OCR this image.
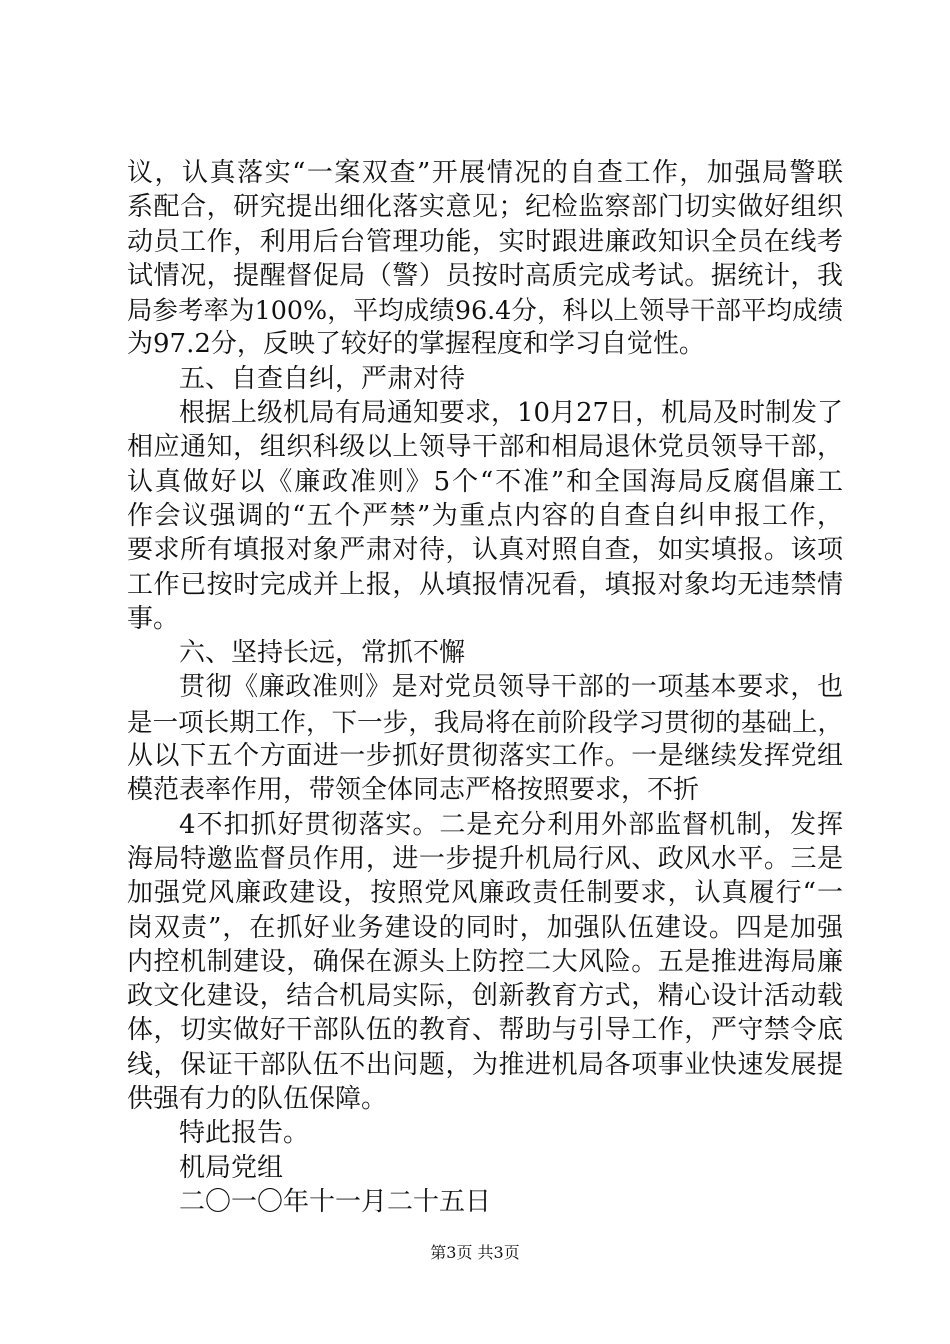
议，认真落实“一案双查”开展情况的自查工作，加强局警联
系配合，研究提出细化落实意见；纪检监察部门切实做好组织
动员工作，利用后台管理功能，实时跟进廉政知识全员在线考
试情况，提醒督促局（警）员按时高质完成考试。据统计，我
局参考率为100%，平均成绩96.4分，科以上领导干部平均成绩
为97.2分，反映了较好的掌握程度和学习自觉性。
五、自查自纠，严肃对待
根据上级机局有局通知要求，10月27日，机局及时制发了
相应通知，组织科级以上领导干部和相局退休党员领导干部，
认真做好以《廉政准则》5个“不准”和全国海局反腐倡廉工
作会议强调的“五个严禁”为重点内容的自查自纠申报工作，
要求所有填报对象严肃对待，认真对照自查，如实填报。该项
工作已按时完成并上报，从填报情况看，填报对象均无违禁情
事。
六、坚持长远，常抓不懈
贯彻《廉政准则》是对党员领导干部的一项基本要求，也
是一项长期工作，下一步，我局将在前阶段学习贯彻的基础上，
从以下五个方面进一步抓好贯彻落实工作。一是继续发挥党组
模范表率作用，带领全体同志严格按照要求，不折
4不扣抓好贯彻落实。二是充分利用外部监督机制，发挥
海局特邀监督员作用，进一步提升机局行风、政风水平。三是
加强党风廉政建设，按照党风廉政责任制要求，认真履行“一
岗双责”，在抓好业务建设的同时，加强队伍建设。四是加强
内控机制建设，确保在源头上防控二大风险。五是推进海局廉
政文化建设，结合机局实际，创新教育方式，精心设计活动载
体，切实做好干部队伍的教育、帮助与引导工作，严守禁令底
线，保证干部队伍不出问题，为推进机局各项事业快速发展提
供强有力的队伍保障。
特此报告。
机局党组
二〇一〇年十一月二十五日
第3页 共3页
